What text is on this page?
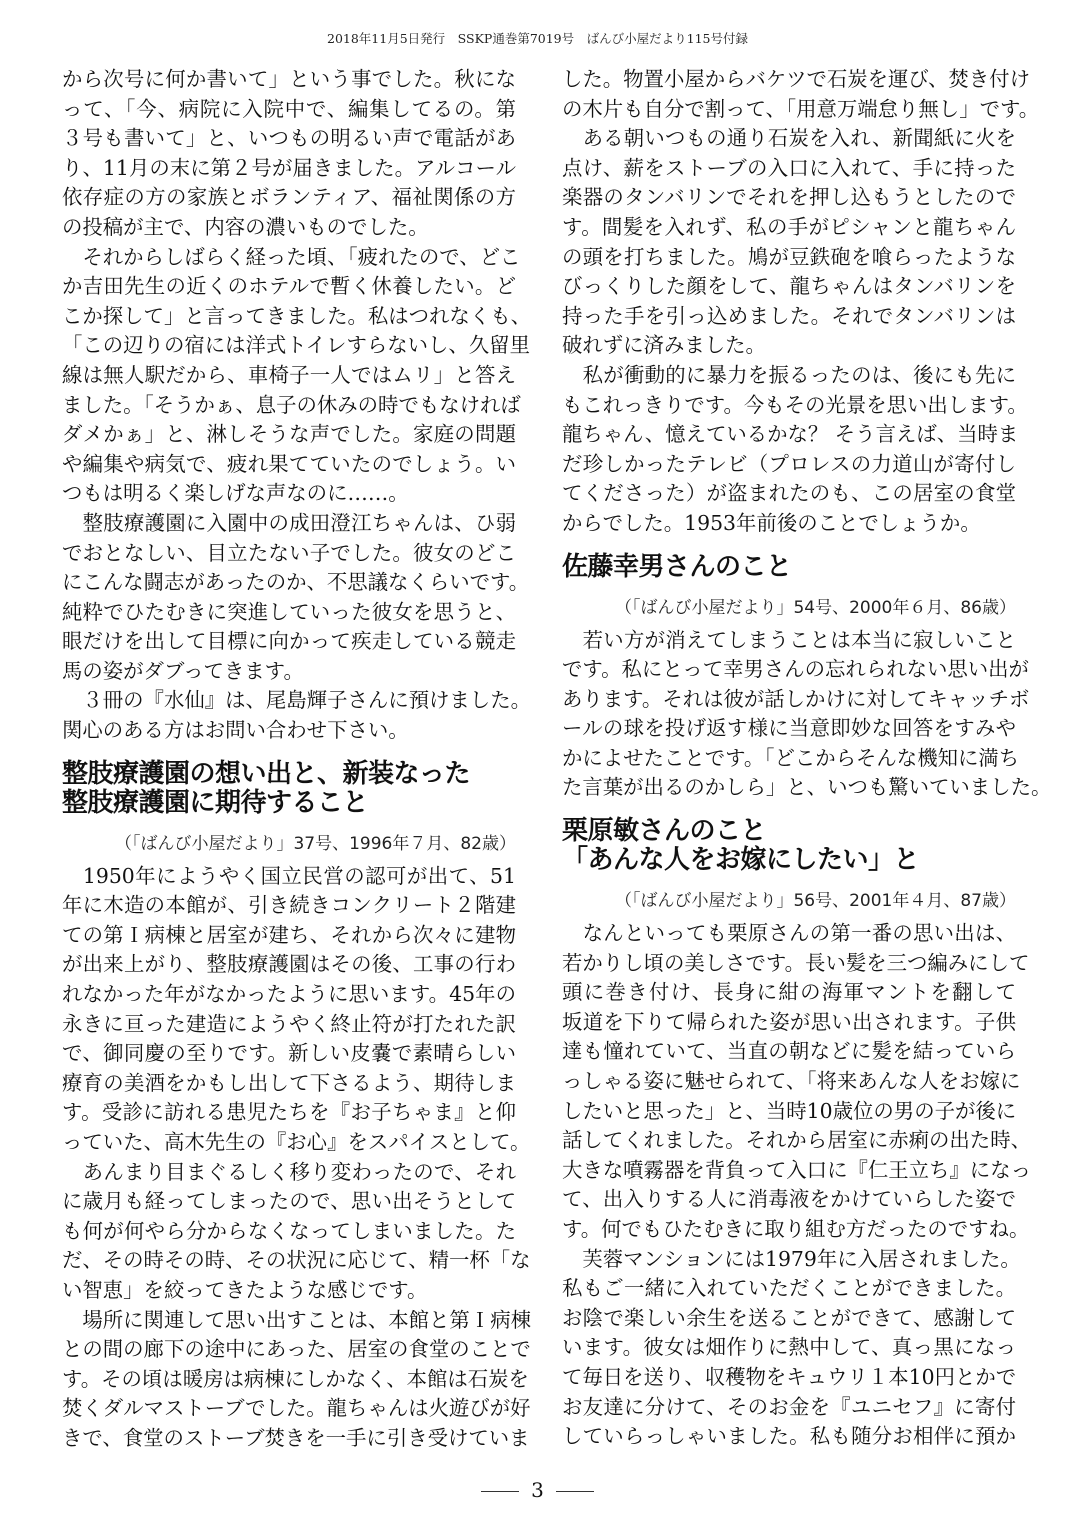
2018年11月5日発行　SSKP通巻第7019号　ばんび小屋だより115号付録
から次号に何か書いて」という事でした。秋にな
って、「今、病院に入院中で、編集してるの。第
３号も書いて」と、いつもの明るい声で電話があ
り、11月の末に第２号が届きました。アルコール
依存症の方の家族とボランティア、福祉関係の方
の投稿が主で、内容の濃いものでした。
　それからしばらく経った頃、「疲れたので、どこ
か吉田先生の近くのホテルで暫く休養したい。ど
こか探して」と言ってきました。私はつれなくも、
「この辺りの宿には洋式トイレすらないし、久留里
線は無人駅だから、車椅子一人ではムリ」と答え
ました。「そうかぁ、息子の休みの時でもなければ
ダメかぁ」と、淋しそうな声でした。家庭の問題
や編集や病気で、疲れ果てていたのでしょう。い
つもは明るく楽しげな声なのに……。
　整肢療護園に入園中の成田澄江ちゃんは、ひ弱
でおとなしい、目立たない子でした。彼女のどこ
にこんな闘志があったのか、不思議なくらいです。
純粋でひたむきに突進していった彼女を思うと、
眼だけを出して目標に向かって疾走している競走
馬の姿がダブってきます。
　３冊の『水仙』は、尾島輝子さんに預けました。
関心のある方はお問い合わせ下さい。
整肢療護園の想い出と、新装なった
整肢療護園に期待すること
（「ばんび小屋だより」37号、1996年７月、82歳）
　1950年にようやく国立民営の認可が出て、51
年に木造の本館が、引き続きコンクリート２階建
ての第Ｉ病棟と居室が建ち、それから次々に建物
が出来上がり、整肢療護園はその後、工事の行わ
れなかった年がなかったように思います。45年の
永きに亘った建造にようやく終止符が打たれた訳
で、御同慶の至りです。新しい皮嚢で素晴らしい
療育の美酒をかもし出して下さるよう、期待しま
す。受診に訪れる患児たちを『お子ちゃま』と仰
っていた、高木先生の『お心』をスパイスとして。
　あんまり目まぐるしく移り変わったので、それ
に歳月も経ってしまったので、思い出そうとして
も何が何やら分からなくなってしまいました。た
だ、その時その時、その状況に応じて、精一杯「な
い智恵」を絞ってきたような感じです。
　場所に関連して思い出すことは、本館と第Ｉ病棟
との間の廊下の途中にあった、居室の食堂のことで
す。その頃は暖房は病棟にしかなく、本館は石炭を
焚くダルマストーブでした。龍ちゃんは火遊びが好
きで、食堂のストーブ焚きを一手に引き受けていま
した。物置小屋からバケツで石炭を運び、焚き付け
の木片も自分で割って、「用意万端怠り無し」です。
　ある朝いつもの通り石炭を入れ、新聞紙に火を
点け、薪をストーブの入口に入れて、手に持った
楽器のタンバリンでそれを押し込もうとしたので
す。間髪を入れず、私の手がピシャンと龍ちゃん
の頭を打ちました。鳩が豆鉄砲を喰らったような
びっくりした顔をして、龍ちゃんはタンバリンを
持った手を引っ込めました。それでタンバリンは
破れずに済みました。
　私が衝動的に暴力を振るったのは、後にも先に
もこれっきりです。今もその光景を思い出します。
龍ちゃん、憶えているかな？ そう言えば、当時ま
だ珍しかったテレビ（プロレスの力道山が寄付し
てくださった）が盗まれたのも、この居室の食堂
からでした。1953年前後のことでしょうか。
佐藤幸男さんのこと
（「ばんび小屋だより」54号、2000年６月、86歳）
　若い方が消えてしまうことは本当に寂しいこと
です。私にとって幸男さんの忘れられない思い出が
あります。それは彼が話しかけに対してキャッチボ
ールの球を投げ返す様に当意即妙な回答をすみや
かによせたことです。「どこからそんな機知に満ち
た言葉が出るのかしら」と、いつも驚いていました。
栗原敏さんのこと
「あんな人をお嫁にしたい」と
（「ばんび小屋だより」56号、2001年４月、87歳）
　なんといっても栗原さんの第一番の思い出は、
若かりし頃の美しさです。長い髪を三つ編みにして
頭に巻き付け、長身に紺の海軍マントを翻して
坂道を下りて帰られた姿が思い出されます。子供
達も憧れていて、当直の朝などに髪を結っていら
っしゃる姿に魅せられて、「将来あんな人をお嫁に
したいと思った」と、当時10歳位の男の子が後に
話してくれました。それから居室に赤痢の出た時、
大きな噴霧器を背負って入口に『仁王立ち』になっ
て、出入りする人に消毒液をかけていらした姿で
す。何でもひたむきに取り組む方だったのですね。
　芙蓉マンションには1979年に入居されました。
私もご一緒に入れていただくことができました。
お陰で楽しい余生を送ることができて、感謝して
います。彼女は畑作りに熱中して、真っ黒になっ
て毎日を送り、収穫物をキュウリ１本10円とかで
お友達に分けて、そのお金を『ユニセフ』に寄付
していらっしゃいました。私も随分お相伴に預か
3
